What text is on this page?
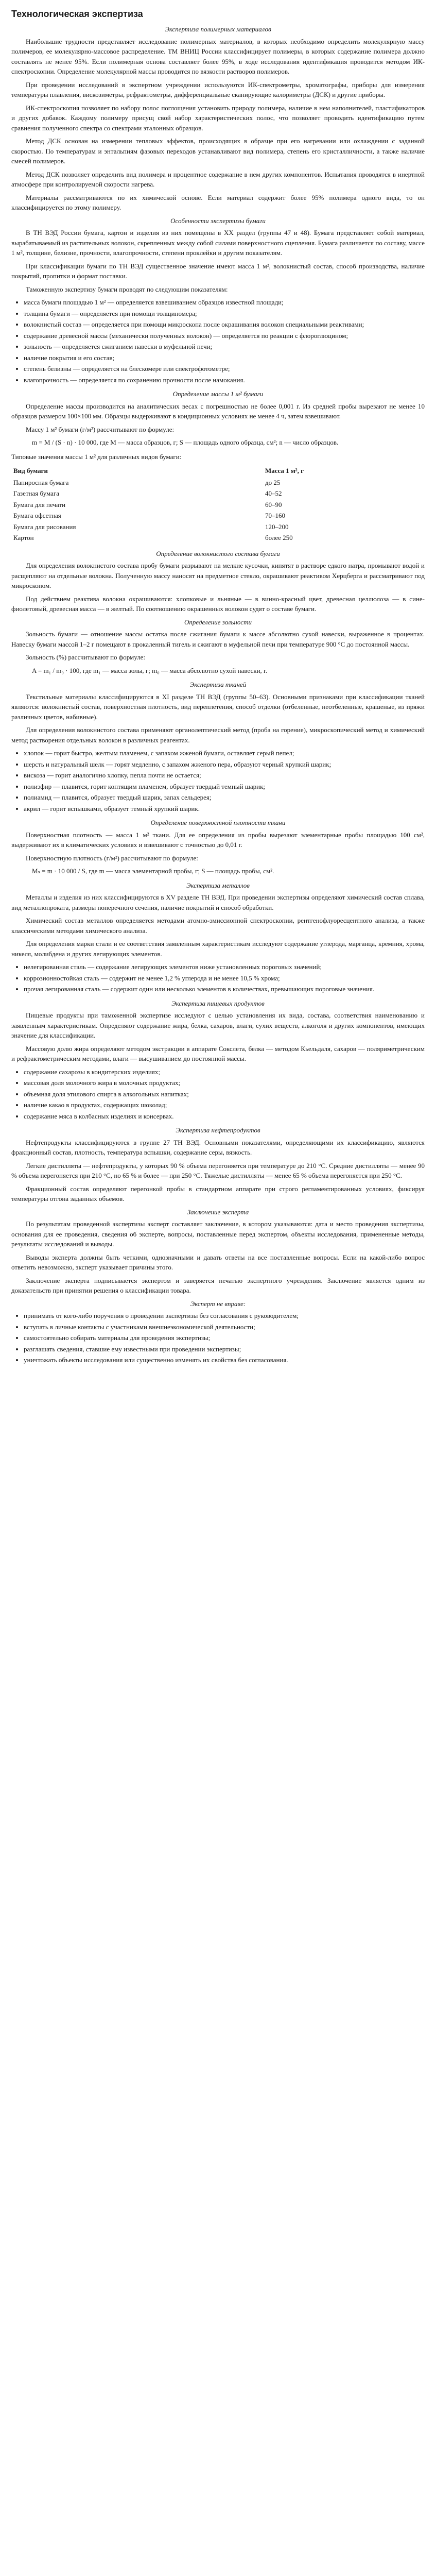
Технологическая экспертиза
Экспертиза полимерных материалов

Наибольшие трудности представляет исследование полимерных материалов, в которых необходимо определить молекулярную массу полимеров, ее молекулярно-массовое распределение. ТМ ВНИЦ России классифицирует полимеры, в которых содержание полимера должно составлять не менее 95%. Если полимерная основа составляет более 95%, в ходе исследования идентификация проводится методом ИК-спектроскопии. Определение молекулярной массы проводится по вязкости растворов полимеров.

При проведении исследований в экспертном учреждении используются ИК-спектрометры, хроматографы, приборы для измерения температуры плавления, вискозиметры, рефрактометры, дифференциальные сканирующие калориметры (ДСК) и другие приборы.

ИК-спектроскопия позволяет по набору полос поглощения установить природу полимера, наличие в нем наполнителей, пластификаторов и других добавок. Каждому полимеру присущ свой набор характеристических полос, что позволяет проводить идентификацию путем сравнения полученного спектра со спектрами эталонных образцов.

Метод ДСК основан на измерении тепловых эффектов, происходящих в образце при его нагревании или охлаждении с заданной скоростью. По температурам и энтальпиям фазовых переходов устанавливают вид полимера, степень его кристалличности, а также наличие смесей полимеров.

Метод ДСК позволяет определить вид полимера и процентное содержание в нем других компонентов. Испытания проводятся в инертной атмосфере при контролируемой скорости нагрева.

Материалы рассматриваются по их химической основе. Если материал содержит более 95% полимера одного вида, то он классифицируется по этому полимеру.

Особенности экспертизы бумаги

В ТН ВЭД России бумага, картон и изделия из них помещены в XX раздел (группы 47 и 48). Бумага представляет собой материал, вырабатываемый из растительных волокон, скрепленных между собой силами поверхностного сцепления. Бумага различается по составу, массе 1 м², толщине, белизне, прочности, влагопрочности, степени проклейки и другим показателям.

При классификации бумаги по ТН ВЭД существенное значение имеют масса 1 м², волокнистый состав, способ производства, наличие покрытий, пропитки и формат поставки.

Таможенную экспертизу бумаги проводят по следующим показателям:

• масса бумаги площадью 1 м² — определяется взвешиванием образцов известной площади;
• толщина бумаги — определяется при помощи толщиномера;
• волокнистый состав — определяется при помощи микроскопа после окрашивания волокон специальными реактивами;
• содержание древесной массы (механически полученных волокон) — определяется по реакции с флороглюцином;
• зольность — определяется сжиганием навески в муфельной печи;
• наличие покрытия и его состав;
• степень белизны — определяется на блескомере или спектрофотометре;
• влагопрочность — определяется по сохранению прочности после намокания.
Определение массы 1 м² бумаги

Определение массы производится на аналитических весах с погрешностью не более 0,001 г. Из средней пробы вырезают не менее 10 образцов размером 100×100 мм. Образцы выдерживают в кондиционных условиях не менее 4 ч, затем взвешивают.

Массу 1 м² бумаги (г/м²) рассчитывают по формуле:

m = M / (S · n) · 10 000, где M — масса образцов, г; S — площадь одного образца, см²; n — число образцов.

Типовые значения массы 1 м² для различных видов бумаги:

Вид бумаги	Масса 1 м², г
Папиросная бумага	до 25
Газетная бумага	40–52
Бумага для печати	60–90
Бумага офсетная	70–160
Бумага для рисования	120–200
Картон	более 250
Определение волокнистого состава бумаги

Для определения волокнистого состава пробу бумаги разрывают на мелкие кусочки, кипятят в растворе едкого натра, промывают водой и расщепляют на отдельные волокна. Полученную массу наносят на предметное стекло, окрашивают реактивом Херцберга и рассматривают под микроскопом.

Под действием реактива волокна окрашиваются: хлопковые и льняные — в винно-красный цвет, древесная целлюлоза — в сине-фиолетовый, древесная масса — в желтый. По соотношению окрашенных волокон судят о составе бумаги.

Определение зольности

Зольность бумаги — отношение массы остатка после сжигания бумаги к массе абсолютно сухой навески, выраженное в процентах. Навеску бумаги массой 1–2 г помещают в прокаленный тигель и сжигают в муфельной печи при температуре 900 °C до постоянной массы.

Зольность (%) рассчитывают по формуле:

A = m₁ / m₀ · 100, где m₁ — масса золы, г; m₀ — масса абсолютно сухой навески, г.

Экспертиза тканей

Текстильные материалы классифицируются в XI разделе ТН ВЭД (группы 50–63). Основными признаками при классификации тканей являются: волокнистый состав, поверхностная плотность, вид переплетения, способ отделки (отбеленные, неотбеленные, крашеные, из пряжи различных цветов, набивные).

Для определения волокнистого состава применяют органолептический метод (проба на горение), микроскопический метод и химический метод растворения отдельных волокон в различных реагентах.

• хлопок — горит быстро, желтым пламенем, с запахом жженой бумаги, оставляет серый пепел;
• шерсть и натуральный шелк — горят медленно, с запахом жженого пера, образуют черный хрупкий шарик;
• вискоза — горит аналогично хлопку, пепла почти не остается;
• полиэфир — плавится, горит коптящим пламенем, образует твердый темный шарик;
• полиамид — плавится, образует твердый шарик, запах сельдерея;
• акрил — горит вспышками, образует темный хрупкий шарик.
Определение поверхностной плотности ткани

Поверхностная плотность — масса 1 м² ткани. Для ее определения из пробы вырезают элементарные пробы площадью 100 см², выдерживают их в климатических условиях и взвешивают с точностью до 0,01 г.

Поверхностную плотность (г/м²) рассчитывают по формуле:

Mₛ = m · 10 000 / S, где m — масса элементарной пробы, г; S — площадь пробы, см².

Экспертиза металлов

Металлы и изделия из них классифицируются в XV разделе ТН ВЭД. При проведении экспертизы определяют химический состав сплава, вид металлопроката, размеры поперечного сечения, наличие покрытий и способ обработки.

Химический состав металлов определяется методами атомно-эмиссионной спектроскопии, рентгенофлуоресцентного анализа, а также классическими методами химического анализа.

Для определения марки стали и ее соответствия заявленным характеристикам исследуют содержание углерода, марганца, кремния, хрома, никеля, молибдена и других легирующих элементов.

• нелегированная сталь — содержание легирующих элементов ниже установленных пороговых значений;
• коррозионностойкая сталь — содержит не менее 1,2 % углерода и не менее 10,5 % хрома;
• прочая легированная сталь — содержит один или несколько элементов в количествах, превышающих пороговые значения.
Экспертиза пищевых продуктов

Пищевые продукты при таможенной экспертизе исследуют с целью установления их вида, состава, соответствия наименованию и заявленным характеристикам. Определяют содержание жира, белка, сахаров, влаги, сухих веществ, алкоголя и других компонентов, имеющих значение для классификации.

Массовую долю жира определяют методом экстракции в аппарате Сокслета, белка — методом Кьельдаля, сахаров — поляриметрическим и рефрактометрическим методами, влаги — высушиванием до постоянной массы.

• содержание сахарозы в кондитерских изделиях;
• массовая доля молочного жира в молочных продуктах;
• объемная доля этилового спирта в алкогольных напитках;
• наличие какао в продуктах, содержащих шоколад;
• содержание мяса в колбасных изделиях и консервах.
Экспертиза нефтепродуктов

Нефтепродукты классифицируются в группе 27 ТН ВЭД. Основными показателями, определяющими их классификацию, являются фракционный состав, плотность, температура вспышки, содержание серы, вязкость.

Легкие дистилляты — нефтепродукты, у которых 90 % объема перегоняется при температуре до 210 °C. Средние дистилляты — менее 90 % объема перегоняется при 210 °C, но 65 % и более — при 250 °C. Тяжелые дистилляты — менее 65 % объема перегоняется при 250 °C.

Фракционный состав определяют перегонкой пробы в стандартном аппарате при строго регламентированных условиях, фиксируя температуры отгона заданных объемов.

Заключение эксперта

По результатам проведенной экспертизы эксперт составляет заключение, в котором указываются: дата и место проведения экспертизы, основания для ее проведения, сведения об эксперте, вопросы, поставленные перед экспертом, объекты исследования, примененные методы, результаты исследований и выводы.

Выводы эксперта должны быть четкими, однозначными и давать ответы на все поставленные вопросы. Если на какой-либо вопрос ответить невозможно, эксперт указывает причины этого.

Заключение эксперта подписывается экспертом и заверяется печатью экспертного учреждения. Заключение является одним из доказательств при принятии решения о классификации товара.

Эксперт не вправе:
• принимать от кого-либо поручения о проведении экспертизы без согласования с руководителем;
• вступать в личные контакты с участниками внешнеэкономической деятельности;
• самостоятельно собирать материалы для проведения экспертизы;
• разглашать сведения, ставшие ему известными при проведении экспертизы;
• уничтожать объекты исследования или существенно изменять их свойства без согласования.
